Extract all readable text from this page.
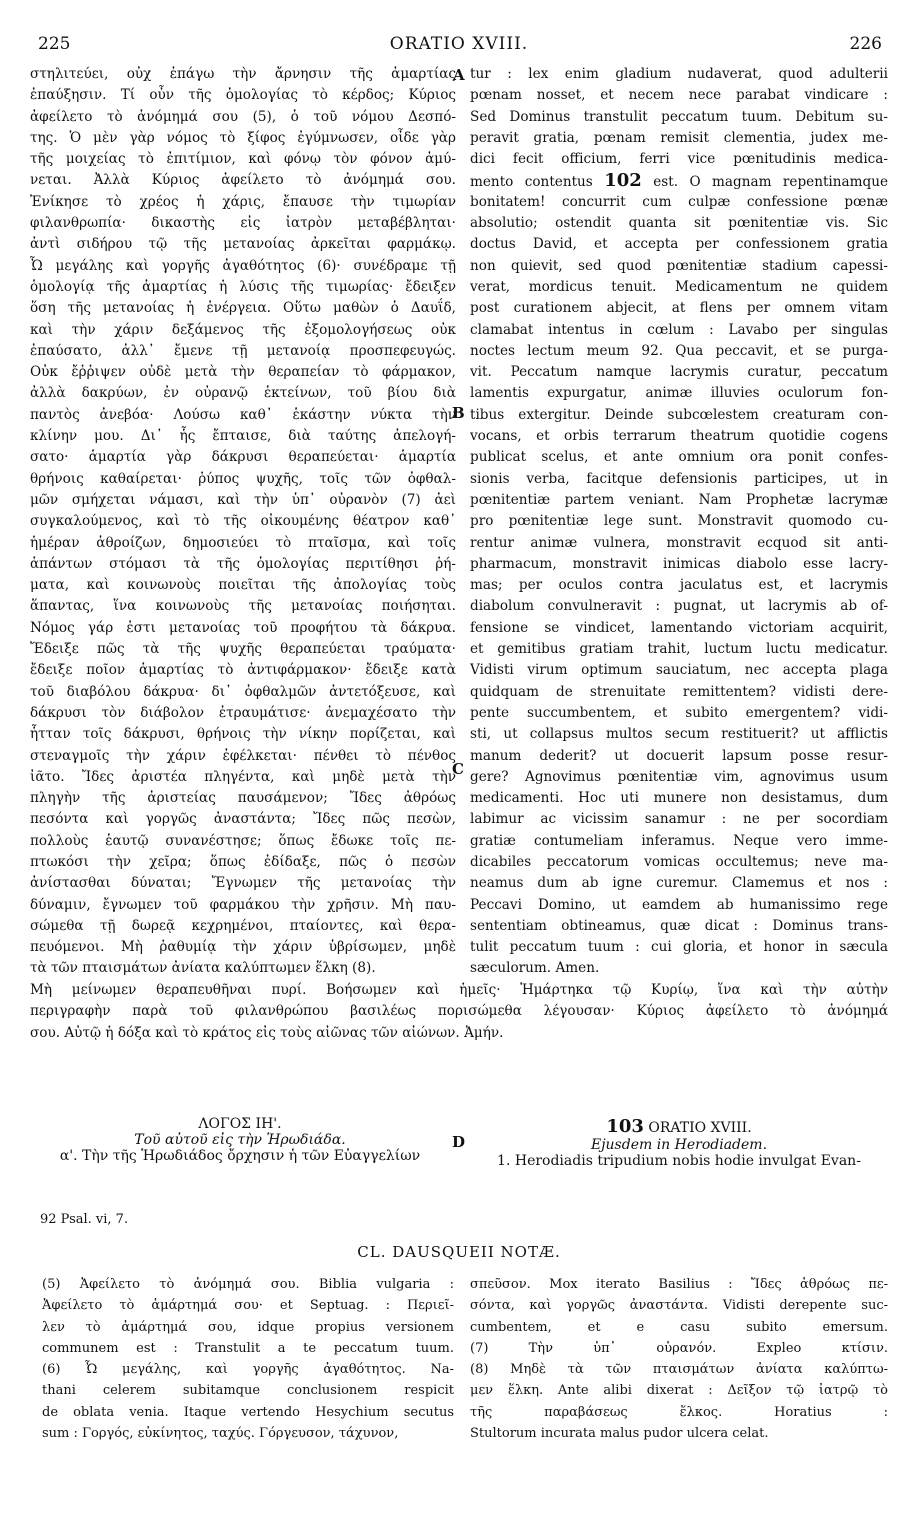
225	ORATIO XVIII.	226
στηλιτεύει, οὐχ ἐπάγω τὴν ἄρνησιν τῆς ἁμαρτίας
ἐπαύξησιν. Τί οὖν τῆς ὁμολογίας τὸ κέρδος; Κύριος
ἀφείλετο τὸ ἁνόμημά σου (5), ὁ τοῦ νόμου Δεσπό-
της. Ὁ μὲν γὰρ νόμος τὸ ξίφος ἐγύμνωσεν, οἶδε γὰρ
τῆς μοιχείας τὸ ἐπιτίμιον, καὶ φόνῳ τὸν φόνον ἀμύ-
νεται. Ἀλλὰ Κύριος ἀφείλετο τὸ ἀνόμημά σου.
Ἐνίκησε τὸ χρέος ἡ χάρις, ἔπαυσε τὴν τιμωρίαν
φιλανθρωπία· δικαστὴς εἰς ἰατρὸν μεταβέβληται·
ἀντὶ σιδήρου τῷ τῆς μετανοίας ἀρκεῖται φαρμάκῳ.
Ὦ μεγάλης καὶ γοργῆς ἀγαθότητος (6)· συνέδραμε τῇ
ὁμολογίᾳ τῆς ἁμαρτίας ἡ λύσις τῆς τιμωρίας· ἔδειξεν
ὅση τῆς μετανοίας ἡ ἐνέργεια. Οὕτω μαθὼν ὁ Δαυΐδ,
καὶ τὴν χάριν δεξάμενος τῆς ἐξομολογήσεως οὐκ
ἐπαύσατο, ἀλλ᾽ ἔμενε τῇ μετανοίᾳ προσπεφευγώς.
Οὐκ ἔῤῥιψεν οὐδὲ μετὰ τὴν θεραπείαν τὸ φάρμακον,
ἀλλὰ δακρύων, ἐν οὐρανῷ ἐκτείνων, τοῦ βίου διὰ
παντὸς ἀνεβόα· Λούσω καθ᾽ ἑκάστην νύκτα τὴν
κλίνην μου. Δι᾽ ἧς ἔπταισε, διὰ ταύτης ἀπελογή-
σατο· ἁμαρτία γὰρ δάκρυσι θεραπεύεται· ἁμαρτία
θρήνοις καθαίρεται· ῥύπος ψυχῆς, τοῖς τῶν ὀφθαλ-
μῶν σμήχεται νάμασι, καὶ τὴν ὑπ᾽ οὐρανὸν (7) ἀεὶ
συγκαλούμενος, καὶ τὸ τῆς οἰκουμένης θέατρον καθ᾽
ἡμέραν ἀθροίζων, δημοσιεύει τὸ πταῖσμα, καὶ τοῖς
ἁπάντων στόμασι τὰ τῆς ὁμολογίας περιτίθησι ῥή-
ματα, καὶ κοινωνοὺς ποιεῖται τῆς ἀπολογίας τοὺς
ἅπαντας, ἵνα κοινωνοὺς τῆς μετανοίας ποιήσηται.
Νόμος γάρ ἐστι μετανοίας τοῦ προφήτου τὰ δάκρυα.
Ἔδειξε πῶς τὰ τῆς ψυχῆς θεραπεύεται τραύματα·
ἔδειξε ποῖον ἁμαρτίας τὸ ἀντιφάρμακον· ἔδειξε κατὰ
τοῦ διαβόλου δάκρυα· δι᾽ ὀφθαλμῶν ἀντετόξευσε, καὶ
δάκρυσι τὸν διάβολον ἐτραυμάτισε· ἀνεμαχέσατο τὴν
ἧτταν τοῖς δάκρυσι, θρήνοις τὴν νίκην πορίζεται, καὶ
στεναγμοῖς τὴν χάριν ἐφέλκεται· πένθει τὸ πένθος
ἰᾶτο. Ἴδες ἀριστέα πληγέντα, καὶ μηδὲ μετὰ τὴν
πληγὴν τῆς ἀριστείας παυσάμενον; Ἴδες ἀθρόως
πεσόντα καὶ γοργῶς ἀναστάντα; Ἴδες πῶς πεσὼν,
πολλοὺς ἑαυτῷ συνανέστησε; ὅπως ἔδωκε τοῖς πε-
πτωκόσι τὴν χεῖρα; ὅπως ἐδίδαξε, πῶς ὁ πεσὼν
ἀνίστασθαι δύναται; Ἔγνωμεν τῆς μετανοίας τὴν
δύναμιν, ἔγνωμεν τοῦ φαρμάκου τὴν χρῆσιν. Μὴ παυ-
σώμεθα τῇ δωρεᾷ κεχρημένοι, πταίοντες, καὶ θερα-
πευόμενοι. Μὴ ῥαθυμίᾳ τὴν χάριν ὑβρίσωμεν, μηδὲ
τὰ τῶν πταισμάτων ἀνίατα καλύπτωμεν ἕλκη (8).
tur : lex enim gladium nudaverat, quod adulterii
pœnam nosset, et necem nece parabat vindicare :
Sed Dominus transtulit peccatum tuum. Debitum su-
peravit gratia, pœnam remisit clementia, judex me-
dici fecit officium, ferri vice pœnitudinis medica-
mento contentus 102 est. O magnam repentinamque
bonitatem! concurrit cum culpæ confessione pœnæ
absolutio; ostendit quanta sit pœnitentiæ vis. Sic
doctus David, et accepta per confessionem gratia
non quievit, sed quod pœnitentiæ stadium capessi-
verat, mordicus tenuit. Medicamentum ne quidem
post curationem abjecit, at flens per omnem vitam
clamabat intentus in cœlum : Lavabo per singulas
noctes lectum meum 92. Qua peccavit, et se purga-
vit. Peccatum namque lacrymis curatur, peccatum
lamentis expurgatur, animæ illuvies oculorum fon-
tibus extergitur. Deinde subcœlestem creaturam con-
vocans, et orbis terrarum theatrum quotidie cogens
publicat scelus, et ante omnium ora ponit confes-
sionis verba, facitque defensionis participes, ut in
pœnitentiæ partem veniant. Nam Prophetæ lacrymæ
pro pœnitentiæ lege sunt. Monstravit quomodo cu-
rentur animæ vulnera, monstravit ecquod sit anti-
pharmacum, monstravit inimicas diabolo esse lacry-
mas; per oculos contra jaculatus est, et lacrymis
diabolum convulneravit : pugnat, ut lacrymis ab of-
fensione se vindicet, lamentando victoriam acquirit,
et gemitibus gratiam trahit, luctum luctu medicatur.
Vidisti virum optimum sauciatum, nec accepta plaga
quidquam de strenuitate remittentem? vidisti dere-
pente succumbentem, et subito emergentem? vidi-
sti, ut collapsus multos secum restituerit? ut afflictis
manum dederit? ut docuerit lapsum posse resur-
gere? Agnovimus pœnitentiæ vim, agnovimus usum
medicamenti. Hoc uti munere non desistamus, dum
labimur ac vicissim sanamur : ne per socordiam
gratiæ contumeliam inferamus. Neque vero imme-
dicabiles peccatorum vomicas occultemus; neve ma-
neamus dum ab igne curemur. Clamemus et nos :
Peccavi Domino, ut eamdem ab humanissimo rege
sententiam obtineamus, quæ dicat : Dominus trans-
tulit peccatum tuum : cui gloria, et honor in sæcula
sæculorum. Amen.
A
B
C
D
Μὴ μείνωμεν θεραπευθῆναι πυρί. Βοήσωμεν καὶ ἡμεῖς· Ἡμάρτηκα τῷ Κυρίῳ, ἵνα καὶ τὴν αὐτὴν
περιγραφὴν παρὰ τοῦ φιλανθρώπου βασιλέως πορισώμεθα λέγουσαν· Κύριος ἀφείλετο τὸ ἀνόμημά
σου. Αὐτῷ ἡ δόξα καὶ τὸ κράτος εἰς τοὺς αἰῶνας τῶν αἰώνων. Ἀμήν.
ΛΟΓΟΣ ΙΗ'.
Τοῦ αὐτοῦ εἰς τὴν Ἡρωδιάδα.
α'. Τὴν τῆς Ἡρωδιάδος ὄρχησιν ἡ τῶν Εὐαγγελίων
103 ORATIO XVIII.
Ejusdem in Herodiadem.
1. Herodiadis tripudium nobis hodie invulgat Evan-
92 Psal. vi, 7.
CL. DAUSQUEII NOTÆ.
(5) Ἀφείλετο τὸ ἀνόμημά σου. Biblia vulgaria :
Ἀφείλετο τὸ ἁμάρτημά σου· et Septuag. : Περιεῖ-
λεν τὸ ἁμάρτημά σου, idque propius versionem
communem est : Transtulit a te peccatum tuum.
(6) Ὦ μεγάλης, καὶ γοργῆς ἀγαθότητος. Na-
thani celerem subitamque conclusionem respicit
de oblata venia. Itaque vertendo Hesychium secutus
sum : Γοργός, εὐκίνητος, ταχύς. Γόργευσον, τάχυνον,
σπεῦσον. Mox iterato Basilius : Ἴδες ἀθρόως πε-
σόντα, καὶ γοργῶς ἀναστάντα. Vidisti derepente suc-
cumbentem, et e casu subito emersum.
(7) Τὴν ὑπ᾽ οὐρανόν. Expleo κτίσιν.
(8) Μηδὲ τὰ τῶν πταισμάτων ἀνίατα καλύπτω-
μεν ἕλκη. Ante alibi dixerat : Δεῖξον τῷ ἰατρῷ τὸ
τῆς παραβάσεως ἕλκος. Horatius :
Stultorum incurata malus pudor ulcera celat.
